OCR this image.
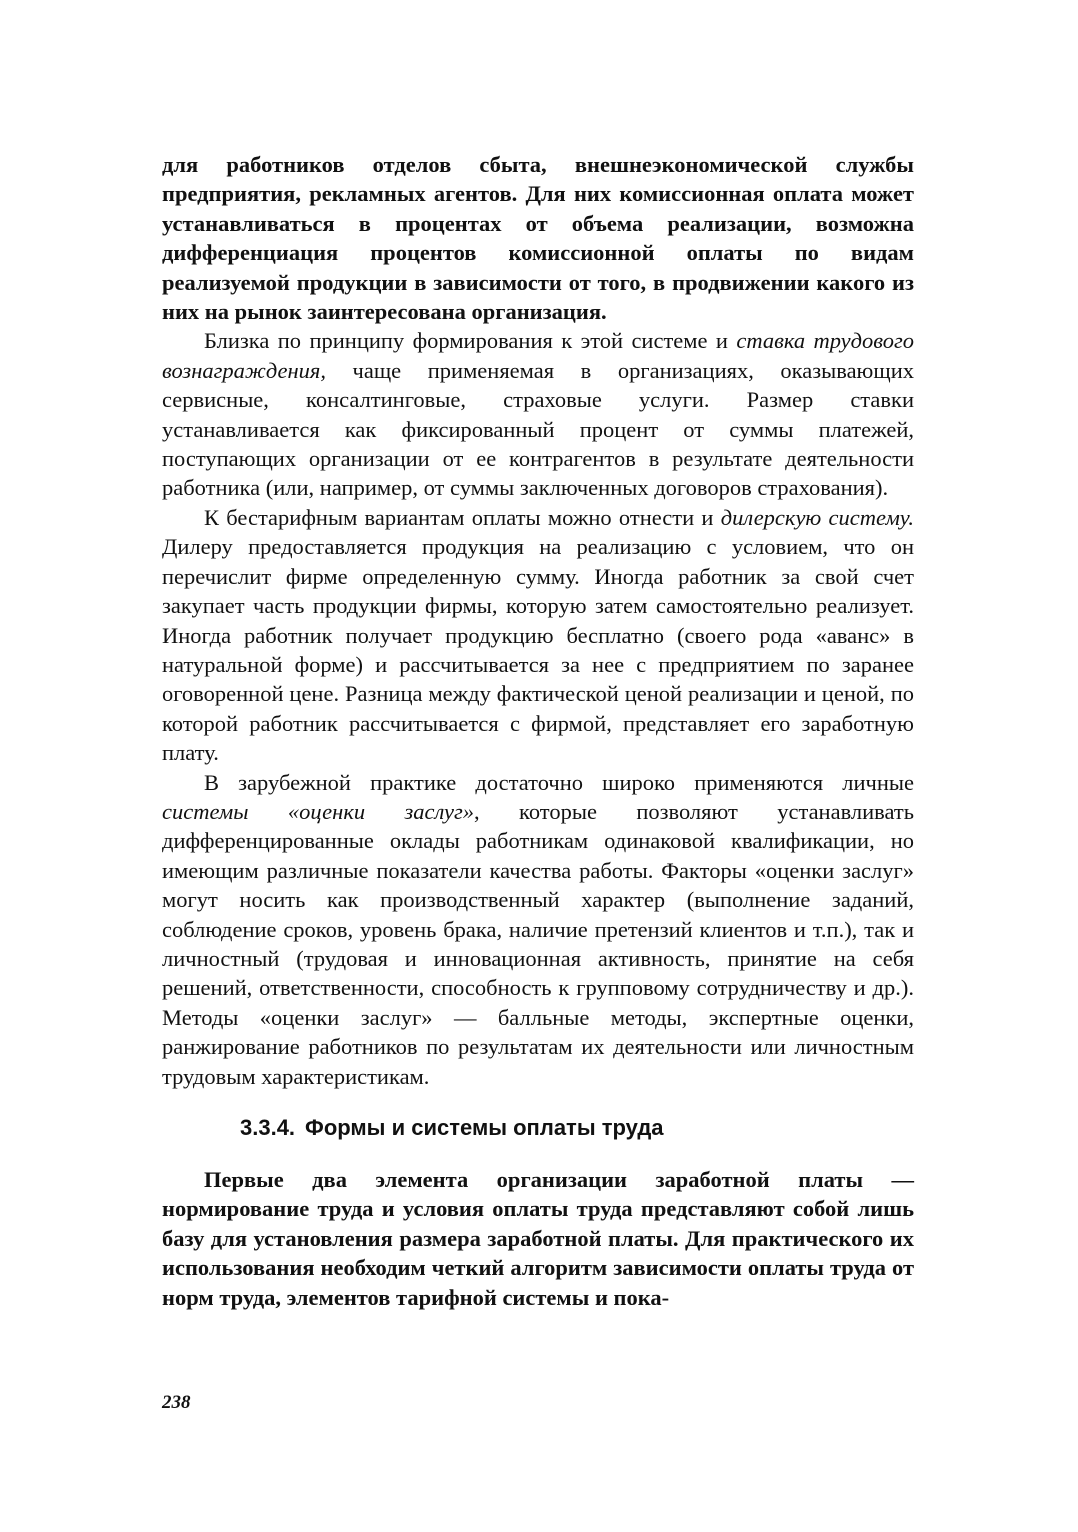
для работников отделов сбыта, внешнеэкономической службы предприятия, рекламных агентов. Для них комиссионная оплата может устанавливаться в процентах от объема реализации, возможна дифференциация процентов комиссионной оплаты по видам реализуемой продукции в зависимости от того, в продвижении какого из них на рынок заинтересована организация.

Близка по принципу формирования к этой системе и ставка трудового вознаграждения, чаще применяемая в организациях, оказывающих сервисные, консалтинговые, страховые услуги. Размер ставки устанавливается как фиксированный процент от суммы платежей, поступающих организации от ее контрагентов в результате деятельности работника (или, например, от суммы заключенных договоров страхования).

К бестарифным вариантам оплаты можно отнести и дилерскую систему. Дилеру предоставляется продукция на реализацию с условием, что он перечислит фирме определенную сумму. Иногда работник за свой счет закупает часть продукции фирмы, которую затем самостоятельно реализует. Иногда работник получает продукцию бесплатно (своего рода «аванс» в натуральной форме) и рассчитывается за нее с предприятием по заранее оговоренной цене. Разница между фактической ценой реализации и ценой, по которой работник рассчитывается с фирмой, представляет его заработную плату.

В зарубежной практике достаточно широко применяются личные системы «оценки заслуг», которые позволяют устанавливать дифференцированные оклады работникам одинаковой квалификации, но имеющим различные показатели качества работы. Факторы «оценки заслуг» могут носить как производственный характер (выполнение заданий, соблюдение сроков, уровень брака, наличие претензий клиентов и т.п.), так и личностный (трудовая и инновационная активность, принятие на себя решений, ответственности, способность к групповому сотрудничеству и др.). Методы «оценки заслуг» — балльные методы, экспертные оценки, ранжирование работников по результатам их деятельности или личностным трудовым характеристикам.

3.3.4. Формы и системы оплаты труда

Первые два элемента организации заработной платы — нормирование труда и условия оплаты труда представляют собой лишь базу для установления размера заработной платы. Для практического их использования необходим четкий алгоритм зависимости оплаты труда от норм труда, элементов тарифной системы и пока-

238
